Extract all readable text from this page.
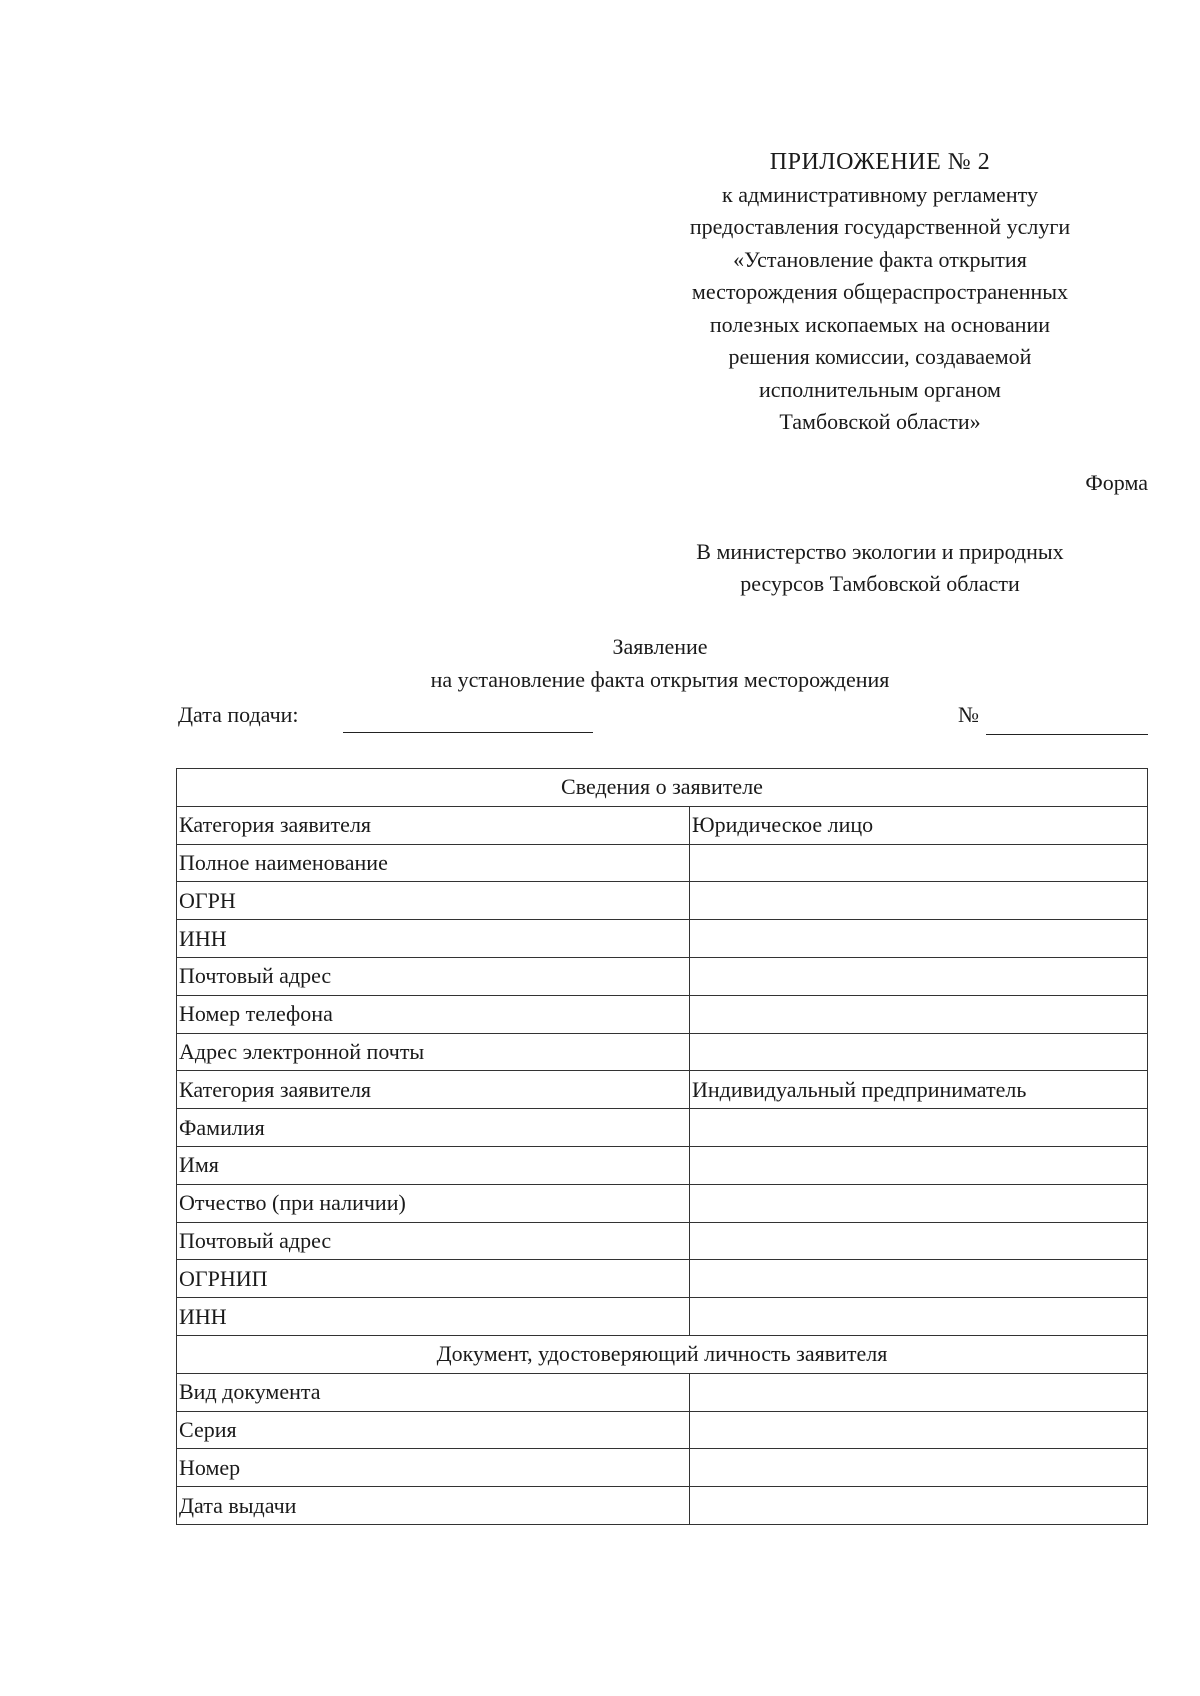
ПРИЛОЖЕНИЕ № 2
к административному регламенту
предоставления государственной услуги
«Установление факта открытия
месторождения общераспространенных
полезных ископаемых на основании
решения комиссии, создаваемой
исполнительным органом
Тамбовской области»
Форма
В министерство экологии и природных
ресурсов Тамбовской области
Заявление
на установление факта открытия месторождения
Дата подачи:	№
Сведения о заявителе	
Категория заявителя	Юридическое лицо
Полное наименование	
ОГРН	
ИНН	
Почтовый адрес	
Номер телефона	
Адрес электронной почты	
Категория заявителя	Индивидуальный предприниматель
Фамилия	
Имя	
Отчество (при наличии)	
Почтовый адрес	
ОГРНИП	
ИНН	
Документ, удостоверяющий личность заявителя	
Вид документа	
Серия	
Номер	
Дата выдачи	
